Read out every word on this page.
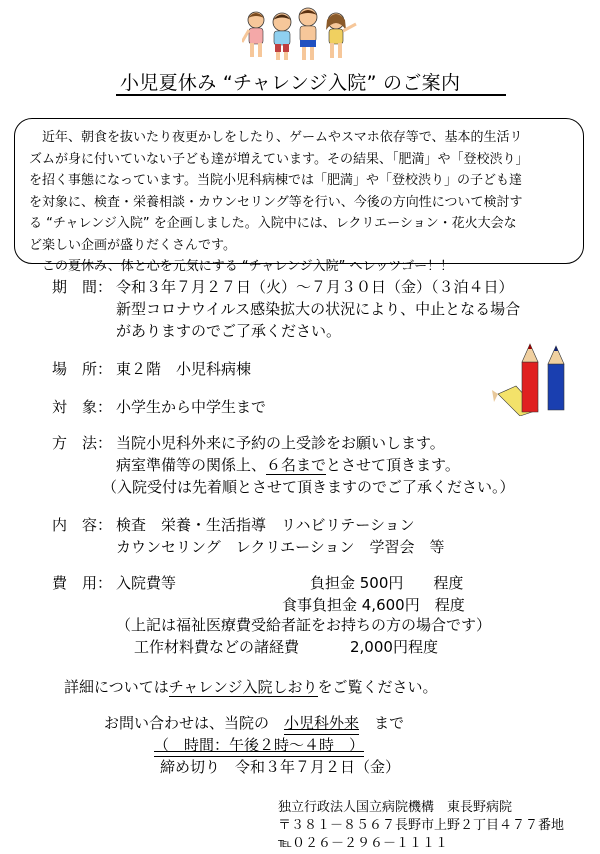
小児夏休み “チャレンジ入院” のご案内

近年、朝食を抜いたり夜更かしをしたり、ゲームやスマホ依存等で、基本的生活リ

ズムが身に付いていない子ども達が増えています。その結果、「肥満」や「登校渋り」

を招く事態になっています。当院小児科病棟では「肥満」や「登校渋り」の子ども達

を対象に、検査・栄養相談・カウンセリング等を行い、今後の方向性について検討す

る “チャレンジ入院” を企画しました。入院中には、レクリエーション・花火大会な

ど楽しい企画が盛りだくさんです。

この夏休み、体と心を元気にする “チャレンジ入院” へレッツゴー！！

期　間： 令和３年７月２７日（火）～７月３０日（金）（３泊４日）
新型コロナウイルス感染拡大の状況により、中止となる場合
がありますのでご了承ください。
場　所： 東２階　小児科病棟
対　象： 小学生から中学生まで
方　法： 当院小児科外来に予約の上受診をお願いします。
病室準備等の関係上、６名までとさせて頂きます。
（入院受付は先着順とさせて頂きますのでご了承ください。）
内　容： 検査　栄養・生活指導　リハビリテーション
カウンセリング　レクリエーション　学習会　等
費　用： 入院費等	負担金 500円　　程度
食事負担金 4,600円　程度
（上記は福祉医療費受給者証をお持ちの方の場合です）
工作材料費などの諸経費	2,000円程度
詳細についてはチャレンジ入院しおりをご覧ください。
お問い合わせは、当院の　 小児科外来
　 まで
（　時間：午後２時～４時　）
締め切り　令和３年７月２日（金）
独立行政法人国立病院機構　東長野病院
〒３８１－８５６７長野市上野２丁目４７７番地
℡０２６－２９６－１１１１
